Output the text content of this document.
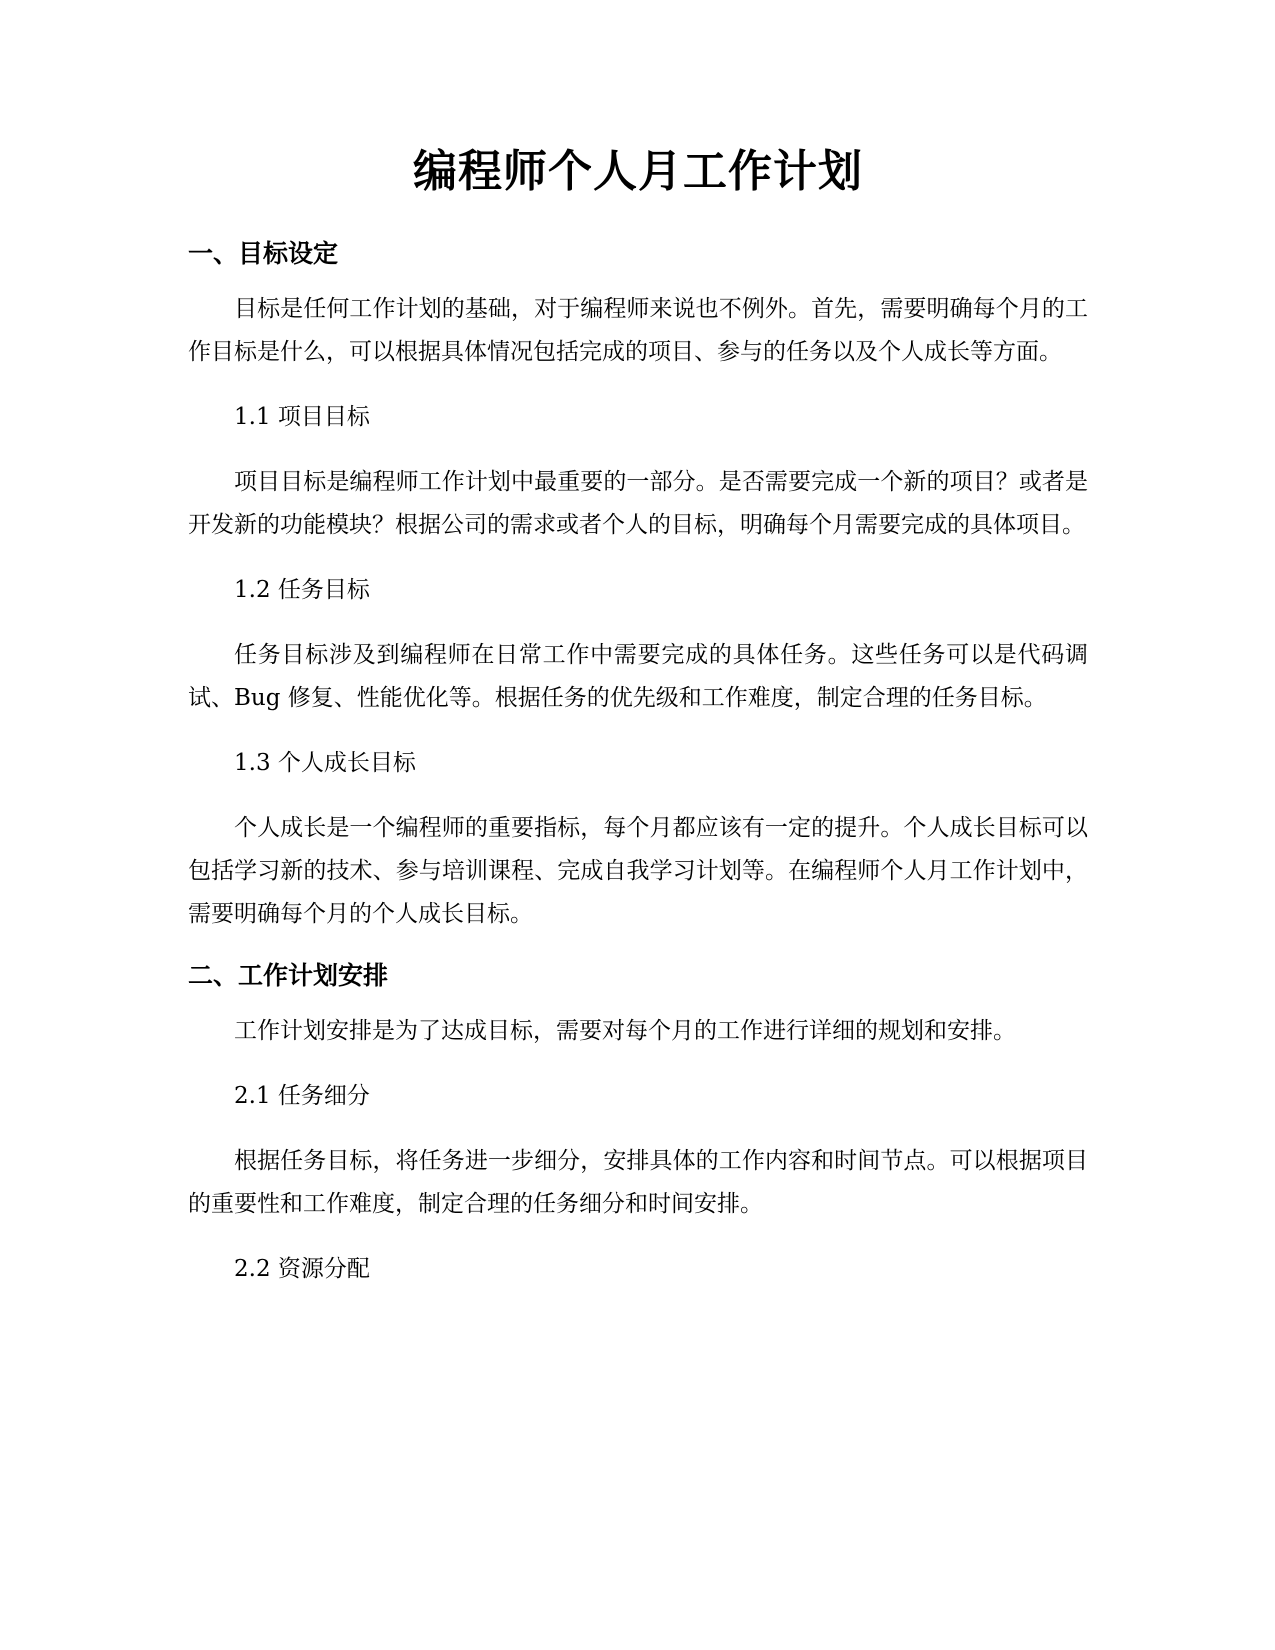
编程师个人月工作计划
一、目标设定

目标是任何工作计划的基础，对于编程师来说也不例外。首先，需要明确每个月的工作目标是什么，可以根据具体情况包括完成的项目、参与的任务以及个人成长等方面。

1.1 项目目标

项目目标是编程师工作计划中最重要的一部分。是否需要完成一个新的项目？或者是开发新的功能模块？根据公司的需求或者个人的目标，明确每个月需要完成的具体项目。

1.2 任务目标

任务目标涉及到编程师在日常工作中需要完成的具体任务。这些任务可以是代码调试、Bug 修复、性能优化等。根据任务的优先级和工作难度，制定合理的任务目标。

1.3 个人成长目标

个人成长是一个编程师的重要指标，每个月都应该有一定的提升。个人成长目标可以包括学习新的技术、参与培训课程、完成自我学习计划等。在编程师个人月工作计划中，需要明确每个月的个人成长目标。

二、工作计划安排

工作计划安排是为了达成目标，需要对每个月的工作进行详细的规划和安排。

2.1 任务细分

根据任务目标，将任务进一步细分，安排具体的工作内容和时间节点。可以根据项目的重要性和工作难度，制定合理的任务细分和时间安排。

2.2 资源分配
